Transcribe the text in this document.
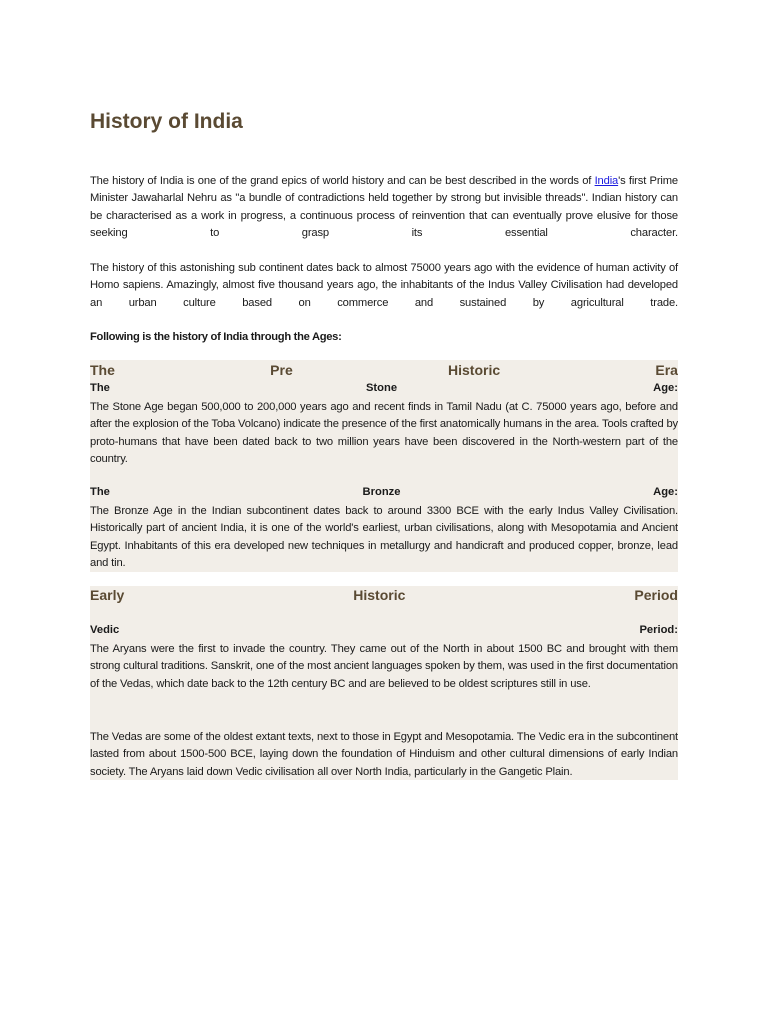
History of India

The history of India is one of the grand epics of world history and can be best described in the words of India's first Prime Minister Jawaharlal Nehru as "a bundle of contradictions held together by strong but invisible threads". Indian history can be characterised as a work in progress, a continuous process of reinvention that can eventually prove elusive for those seeking to grasp its essential character.

The history of this astonishing sub continent dates back to almost 75000 years ago with the evidence of human activity of Homo sapiens. Amazingly, almost five thousand years ago, the inhabitants of the Indus Valley Civilisation had developed an urban culture based on commerce and sustained by agricultural trade.

Following is the history of India through the Ages:

The	Pre	Historic	Era
The	Stone	Age:

The Stone Age began 500,000 to 200,000 years ago and recent finds in Tamil Nadu (at C. 75000 years ago, before and after the explosion of the Toba Volcano) indicate the presence of the first anatomically humans in the area. Tools crafted by proto-humans that have been dated back to two million years have been discovered in the North-western part of the country.

The	Bronze	Age:

The Bronze Age in the Indian subcontinent dates back to around 3300 BCE with the early Indus Valley Civilisation. Historically part of ancient India, it is one of the world's earliest, urban civilisations, along with Mesopotamia and Ancient Egypt. Inhabitants of this era developed new techniques in metallurgy and handicraft and produced copper, bronze, lead and tin.

Early	Historic	Period
Vedic	Period:

The Aryans were the first to invade the country. They came out of the North in about 1500 BC and brought with them strong cultural traditions. Sanskrit, one of the most ancient languages spoken by them, was used in the first documentation of the Vedas, which date back to the 12th century BC and are believed to be oldest scriptures still in use.

The Vedas are some of the oldest extant texts, next to those in Egypt and Mesopotamia. The Vedic era in the subcontinent lasted from about 1500-500 BCE, laying down the foundation of Hinduism and other cultural dimensions of early Indian society. The Aryans laid down Vedic civilisation all over North India, particularly in the Gangetic Plain.
